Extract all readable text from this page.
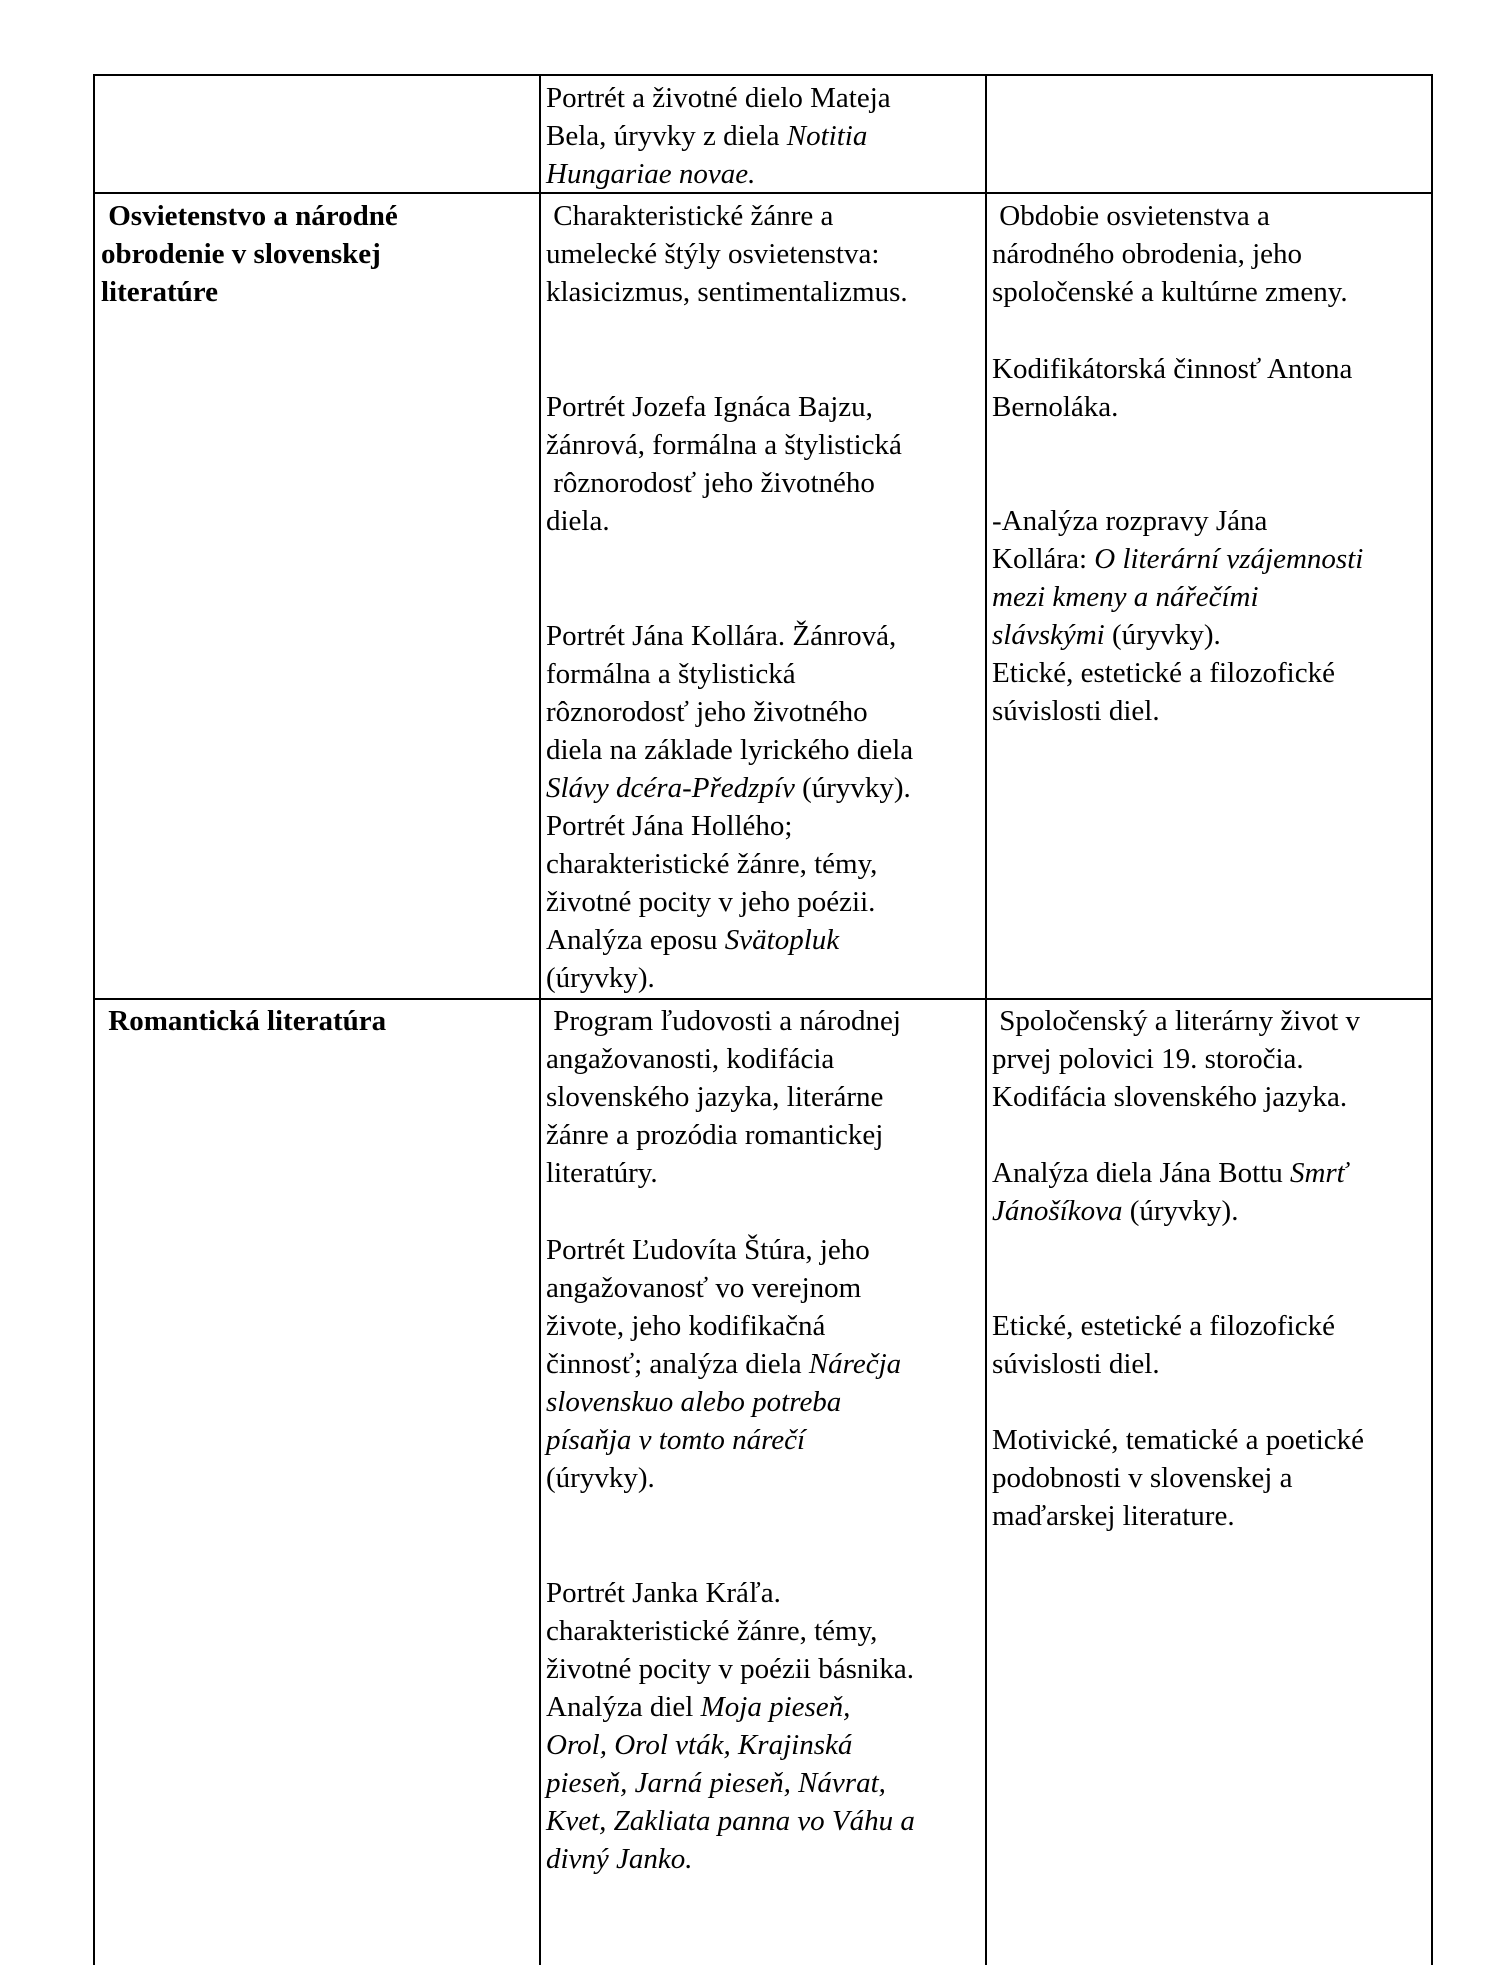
Portrét a životné dielo Mateja
Bela, úryvky z diela Notitia
Hungariae novae.
Osvietenstvo a národné
obrodenie v slovenskej
literatúre
Charakteristické žánre a
umelecké štýly osvietenstva:
klasicizmus, sentimentalizmus.
Portrét Jozefa Ignáca Bajzu,
žánrová, formálna a štylistická
rôznorodosť jeho životného
diela.
Portrét Jána Kollára. Žánrová,
formálna a štylistická
rôznorodosť jeho životného
diela na základe lyrického diela
Slávy dcéra-Předzpív (úryvky).
Portrét Jána Hollého;
charakteristické žánre, témy,
životné pocity v jeho poézii.
Analýza eposu Svätopluk
(úryvky).
Obdobie osvietenstva a
národného obrodenia, jeho
spoločenské a kultúrne zmeny.
Kodifikátorská činnosť Antona
Bernoláka.
-Analýza rozpravy Jána
Kollára: O literární vzájemnosti
mezi kmeny a nářečími
slávskými (úryvky).
Etické, estetické a filozofické
súvislosti diel.
Romantická literatúra	Program ľudovosti a národnej
angažovanosti, kodifácia
slovenského jazyka, literárne
žánre a prozódia romantickej
literatúry.
Portrét Ľudovíta Štúra, jeho
angažovanosť vo verejnom
živote, jeho kodifikačná
činnosť; analýza diela Nárečja
slovenskuo alebo potreba
písaňja v tomto nárečí
(úryvky).
Portrét Janka Kráľa.
charakteristické žánre, témy,
životné pocity v poézii básnika.
Analýza diel Moja pieseň,
Orol, Orol vták, Krajinská
pieseň, Jarná pieseň, Návrat,
Kvet, Zakliata panna vo Váhu a
divný Janko.
Spoločenský a literárny život v
prvej polovici 19. storočia.
Kodifácia slovenského jazyka.
Analýza diela Jána Bottu Smrť
Jánošíkova (úryvky).
Etické, estetické a filozofické
súvislosti diel.
Motivické, tematické a poetické
podobnosti v slovenskej a
maďarskej literature.
